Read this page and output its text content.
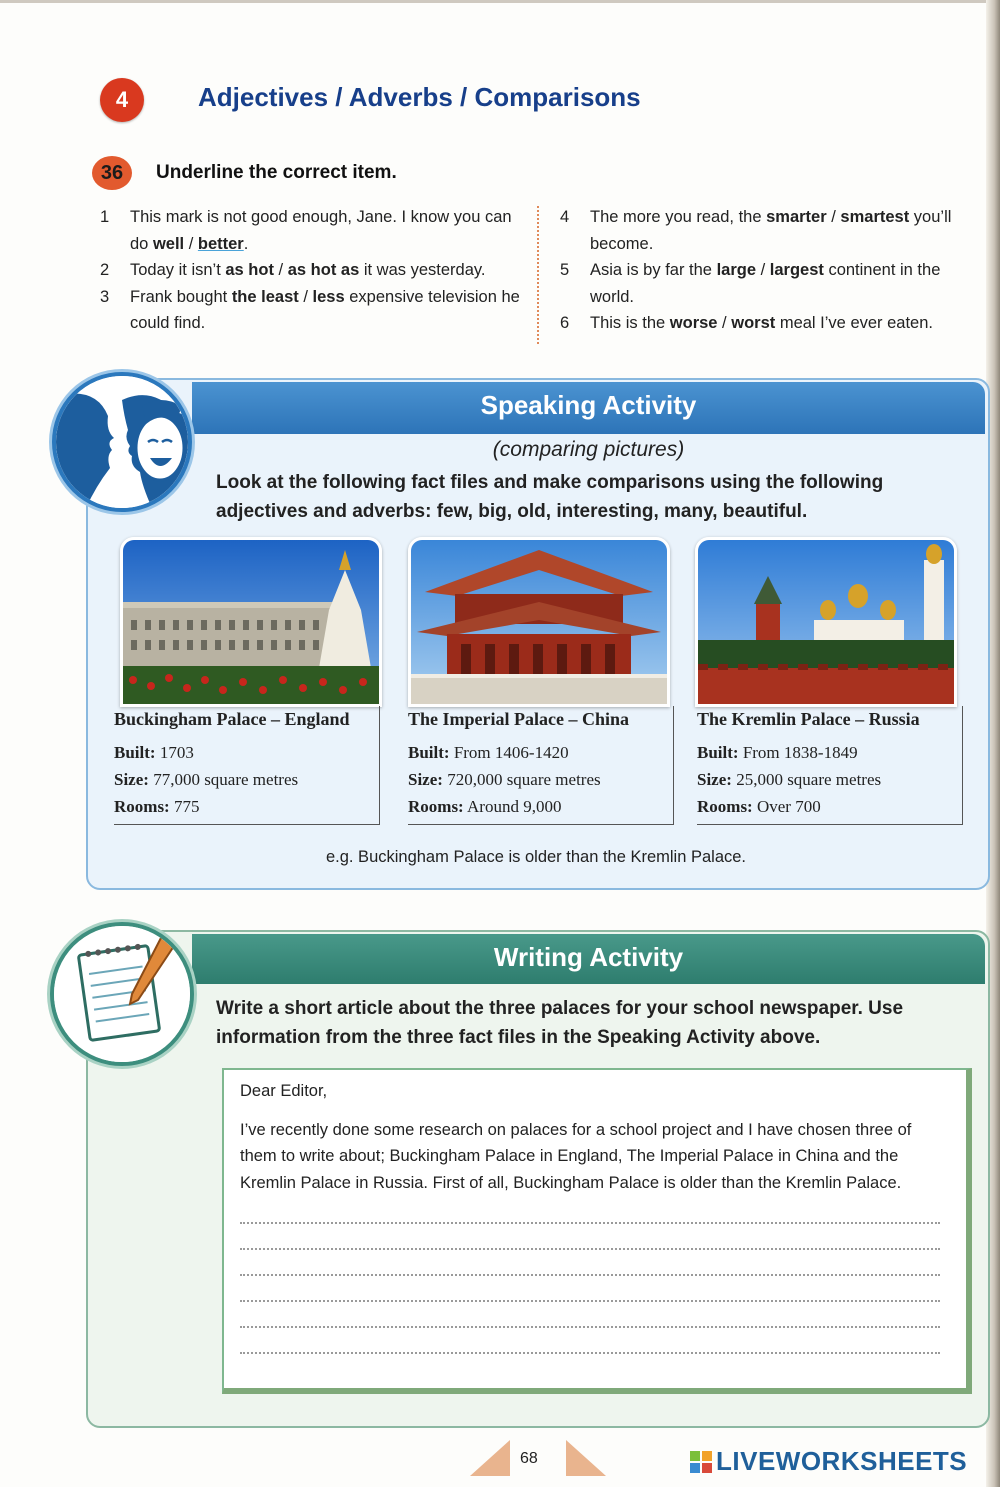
4	Adjectives / Adverbs / Comparisons
36	Underline the correct item.
1	This mark is not good enough, Jane. I know you can do well / better.
2	Today it isn’t as hot / as hot as it was yesterday.
3	Frank bought the least / less expensive television he could find.
4	The more you read, the smarter / smartest you’ll become.
5	Asia is by far the large / largest continent in the world.
6	This is the worse / worst meal I’ve ever eaten.
Speaking Activity
(comparing pictures)
Look at the following fact files and make comparisons using the following adjectives and adverbs: few, big, old, interesting, many, beautiful.
Buckingham Palace – England
Built: 1703
Size: 77,000 square metres
Rooms: 775
The Imperial Palace – China
Built: From 1406-1420
Size: 720,000 square metres
Rooms: Around 9,000
The Kremlin Palace – Russia
Built: From 1838-1849
Size: 25,000 square metres
Rooms: Over 700
e.g. Buckingham Palace is older than the Kremlin Palace.
Writing Activity
Write a short article about the three palaces for your school newspaper. Use information from the three fact files in the Speaking Activity above.
Dear Editor,
I’ve recently done some research on palaces for a school project and I have chosen three of them to write about; Buckingham Palace in England, The Imperial Palace in China and the Kremlin Palace in Russia. First of all, Buckingham Palace is older than the Kremlin Palace.
68	LIVEWORKSHEETS
